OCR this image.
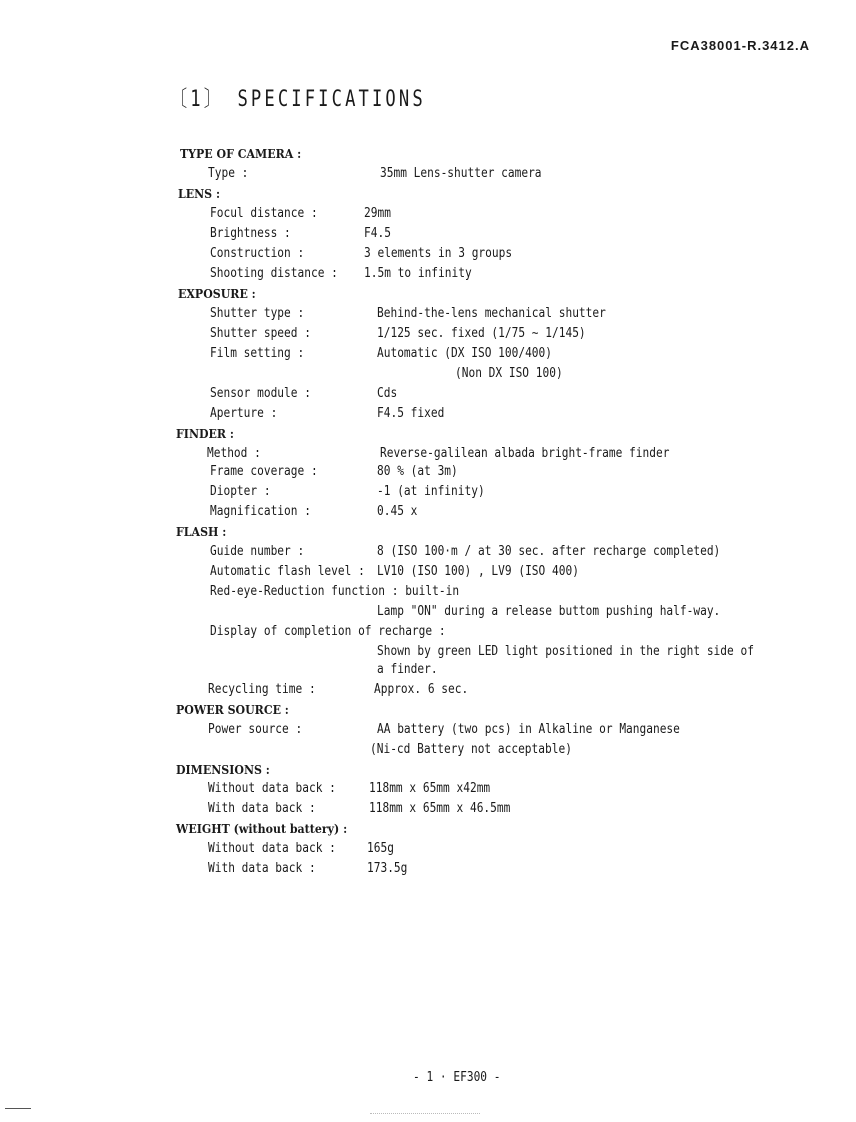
FCA38001-R.3412.A
〔1〕 SPECIFICATIONS
TYPE OF CAMERA :
Type :	35mm Lens-shutter camera
LENS :
Focul distance :	29mm
Brightness :	F4.5
Construction :	3 elements in 3 groups
Shooting distance : 1.5m to infinity
EXPOSURE :
Shutter type :	Behind-the-lens mechanical shutter
Shutter speed :	1/125 sec. fixed (1/75 ∼ 1/145)
Film setting :	Automatic (DX ISO 100/400)
(Non DX ISO 100)
Sensor module :	Cds
Aperture :	F4.5 fixed
FINDER :
Method :	Reverse-galilean albada bright-frame finder
Frame coverage :	80 % (at 3m)
Diopter :	-1 (at infinity)
Magnification :	0.45 x
FLASH :
Guide number :	8 (ISO 100·m / at 30 sec. after recharge completed)
Automatic flash level : LV10 (ISO 100) , LV9 (ISO 400)
Red-eye-Reduction function : built-in
Lamp "ON" during a release buttom pushing half-way.
Display of completion of recharge :
Shown by green LED light positioned in the right side of
a finder.
Recycling time :	Approx. 6 sec.
POWER SOURCE :
Power source :	AA battery (two pcs) in Alkaline or Manganese
(Ni-cd Battery not acceptable)
DIMENSIONS :
Without data back :	118mm x 65mm x42mm
With data back :	118mm x 65mm x 46.5mm
WEIGHT (without battery) :
Without data back : 165g
With data back :	173.5g
- 1 · EF300 -
